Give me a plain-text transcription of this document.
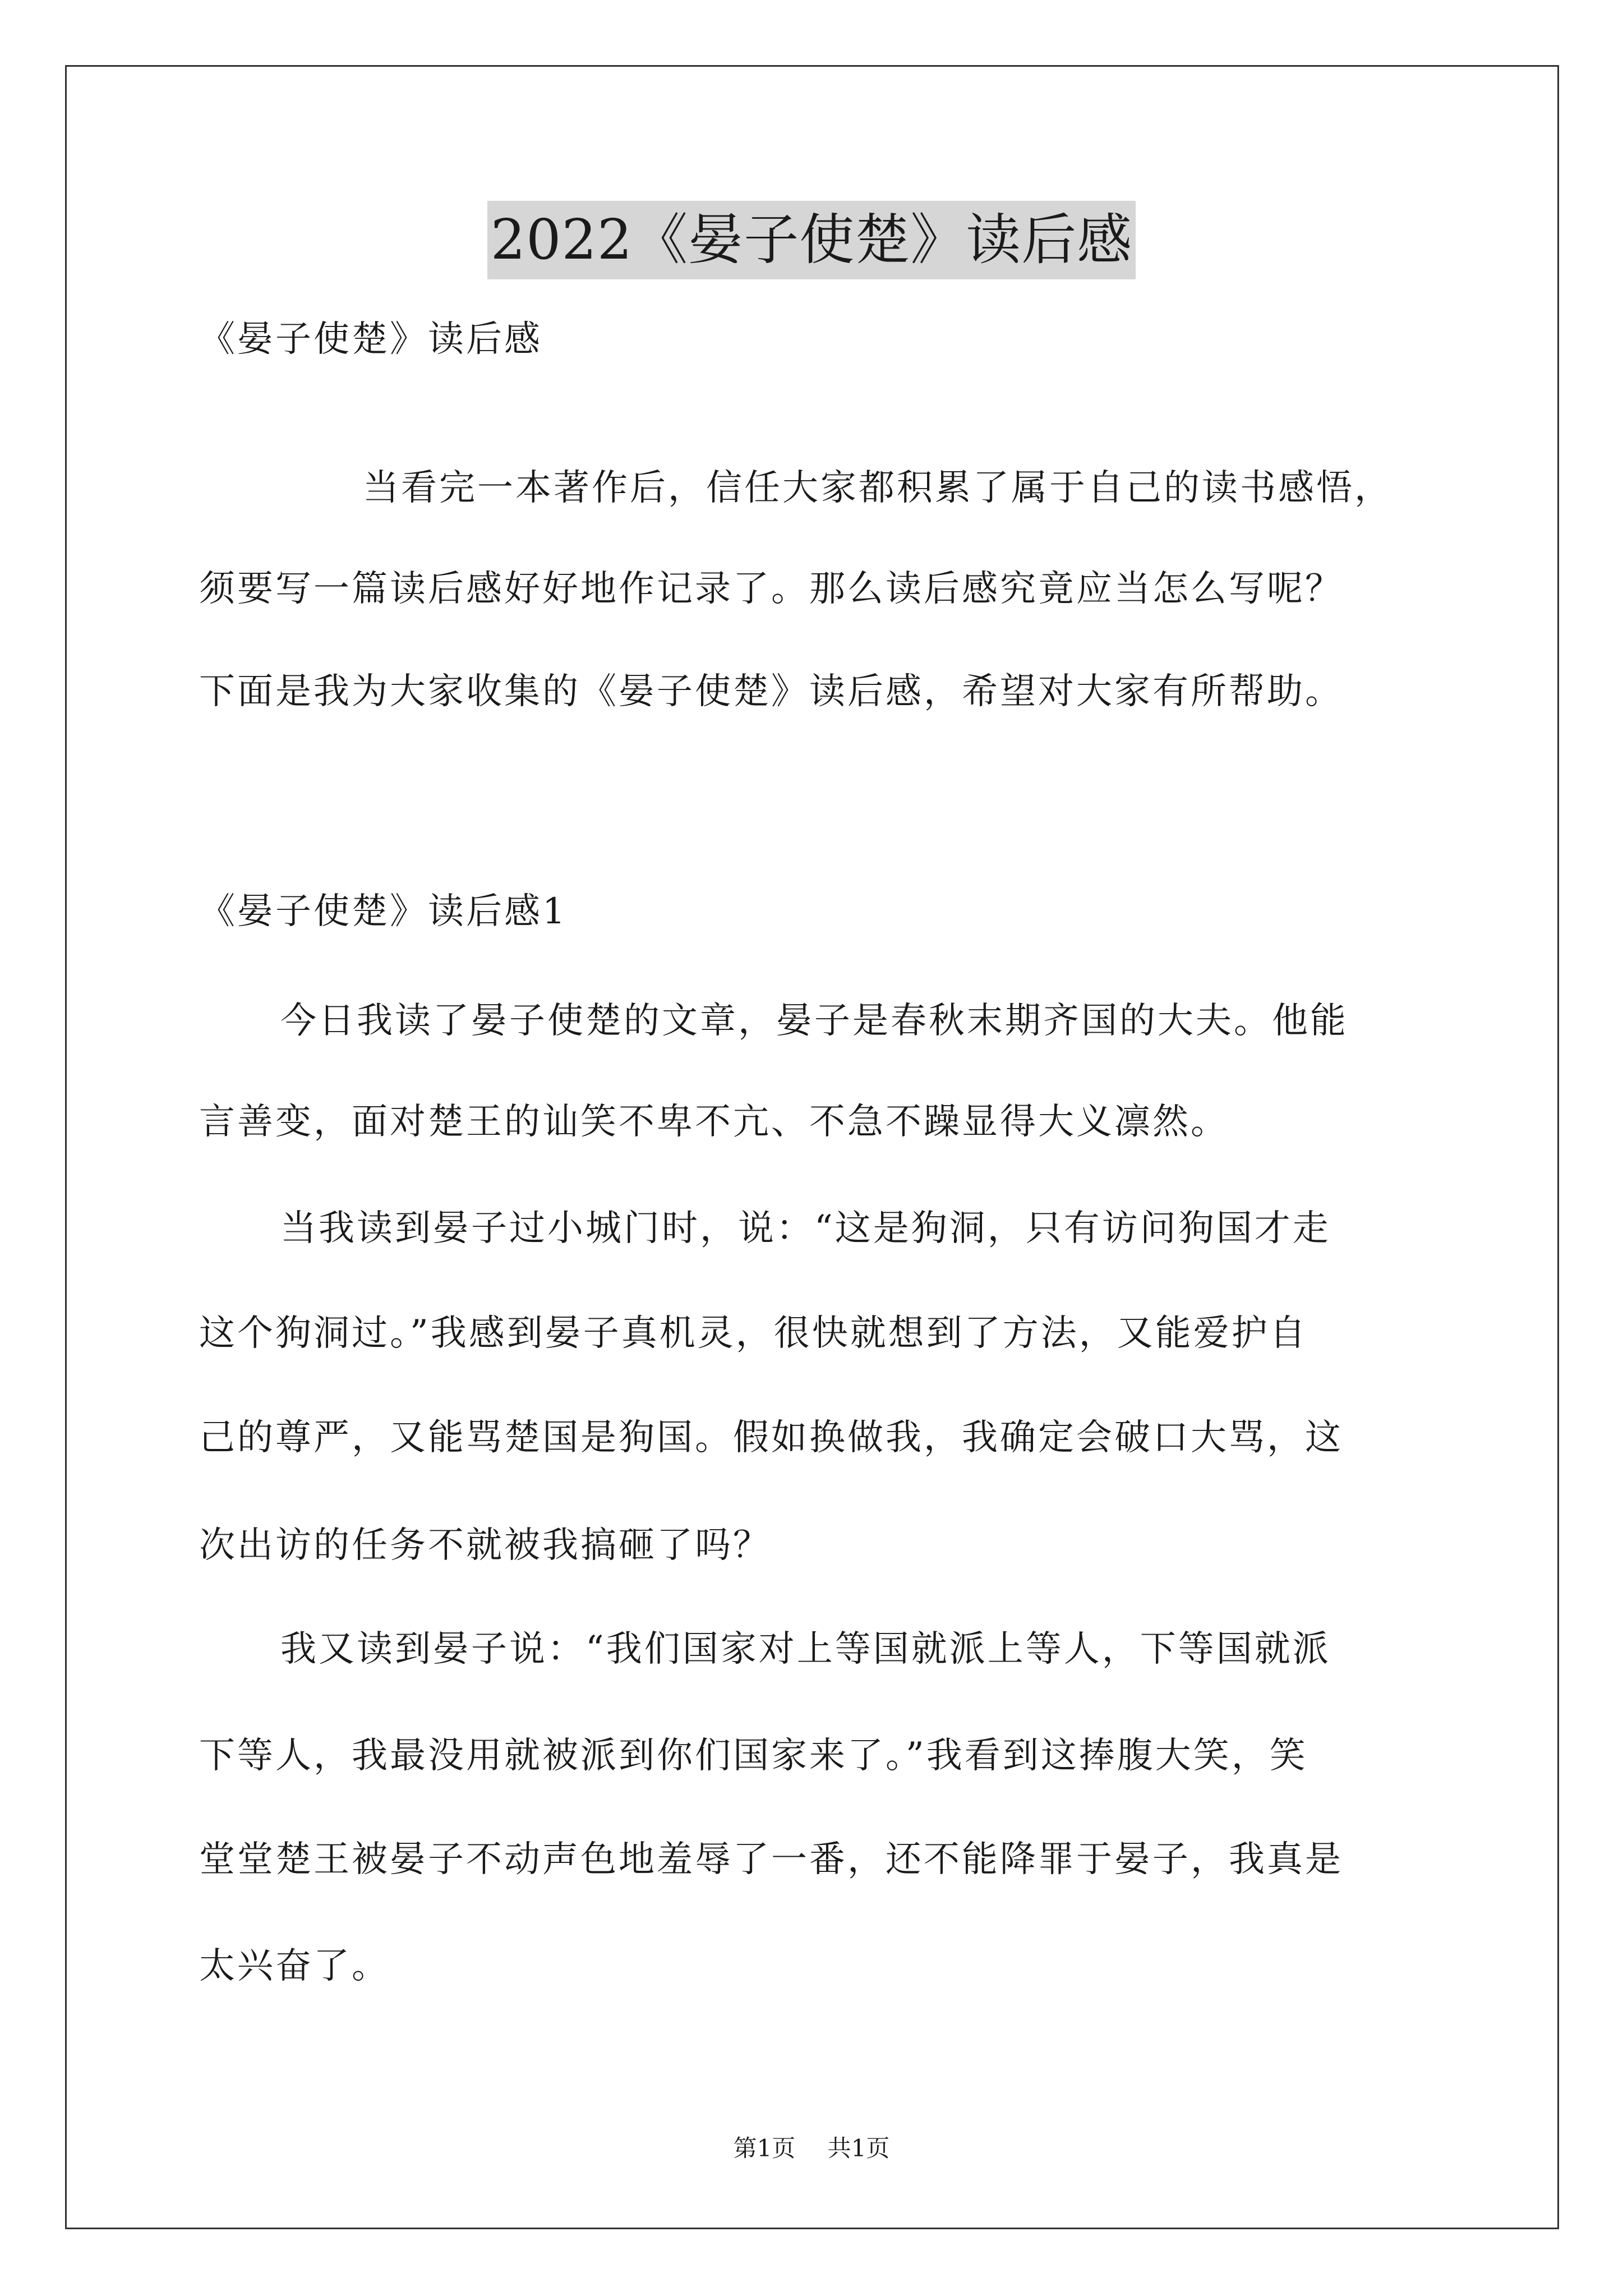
2022《晏子使楚》读后感
《晏子使楚》读后感
当看完一本著作后，信任大家都积累了属于自己的读书感悟，
须要写一篇读后感好好地作记录了。那么读后感究竟应当怎么写呢？
下面是我为大家收集的《晏子使楚》读后感，希望对大家有所帮助。
《晏子使楚》读后感1
今日我读了晏子使楚的文章，晏子是春秋末期齐国的大夫。他能
言善变，面对楚王的讪笑不卑不亢、不急不躁显得大义凛然。
当我读到晏子过小城门时，说：“这是狗洞，只有访问狗国才走
这个狗洞过。”我感到晏子真机灵，很快就想到了方法，又能爱护自
己的尊严，又能骂楚国是狗国。假如换做我，我确定会破口大骂，这
次出访的任务不就被我搞砸了吗？
我又读到晏子说：“我们国家对上等国就派上等人，下等国就派
下等人，我最没用就被派到你们国家来了。”我看到这捧腹大笑，笑
堂堂楚王被晏子不动声色地羞辱了一番，还不能降罪于晏子，我真是
太兴奋了。
第1页 共1页
